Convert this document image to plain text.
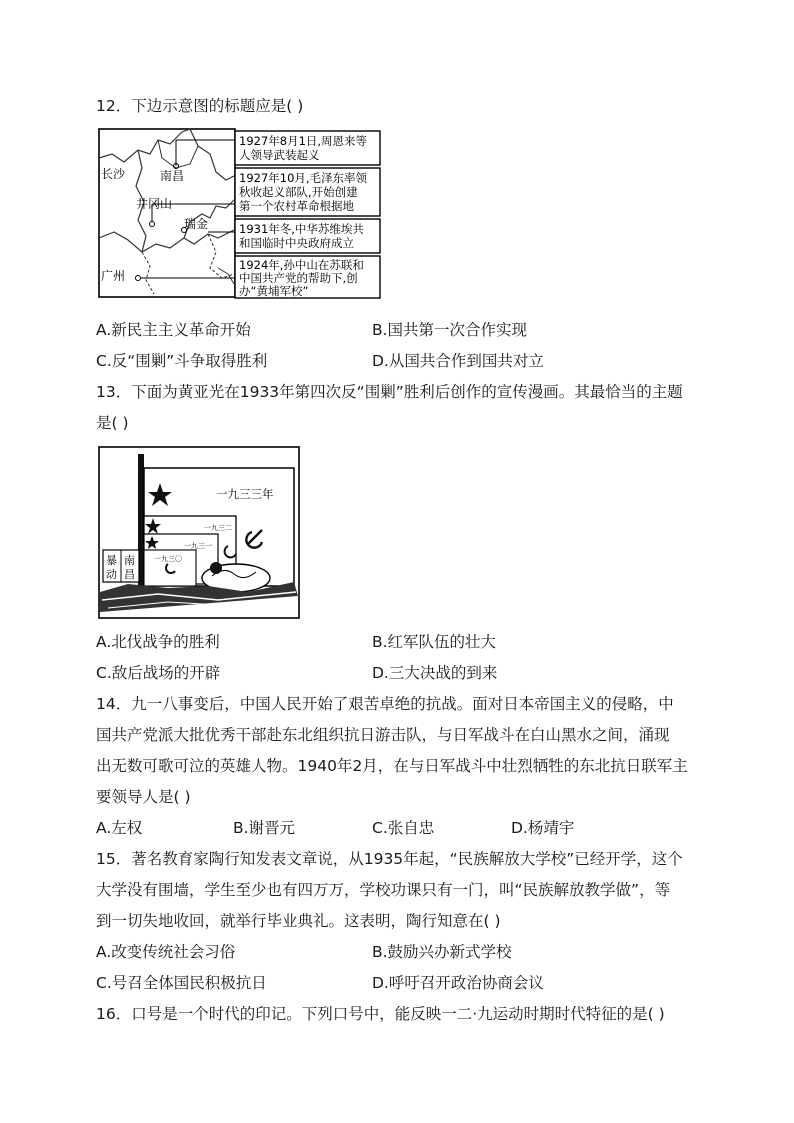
12．下边示意图的标题应是( )
长沙	南昌
井冈山
瑞金
广州
1927年8月1日,周恩来等
人领导武装起义
1927年10月,毛泽东率领
秋收起义部队,开始创建
第一个农村革命根据地
1931年冬,中华苏维埃共
和国临时中央政府成立
1924年,孙中山在苏联和
中国共产党的帮助下,创
办“黄埔军校”
A.新民主主义革命开始	B.国共第一次合作实现
C.反“围剿”斗争取得胜利	D.从国共合作到国共对立
13．下面为黄亚光在1933年第四次反“围剿”胜利后创作的宣传漫画。其最恰当的主题
是( )
一九三三年
一九三二
一九三一
一九三〇
暴 南
动 昌
A.北伐战争的胜利	B.红军队伍的壮大
C.敌后战场的开辟	D.三大决战的到来
14．九一八事变后，中国人民开始了艰苦卓绝的抗战。面对日本帝国主义的侵略，中
国共产党派大批优秀干部赴东北组织抗日游击队，与日军战斗在白山黑水之间，涌现
出无数可歌可泣的英雄人物。1940年2月，在与日军战斗中壮烈牺牲的东北抗日联军主
要领导人是( )
A.左权	B.谢晋元	C.张自忠	D.杨靖宇
15．著名教育家陶行知发表文章说，从1935年起，“民族解放大学校”已经开学，这个
大学没有围墙，学生至少也有四万万，学校功课只有一门，叫“民族解放教学做”，等
到一切失地收回，就举行毕业典礼。这表明，陶行知意在( )
A.改变传统社会习俗	B.鼓励兴办新式学校
C.号召全体国民积极抗日	D.呼吁召开政治协商会议
16．口号是一个时代的印记。下列口号中，能反映一二·九运动时期时代特征的是( )
